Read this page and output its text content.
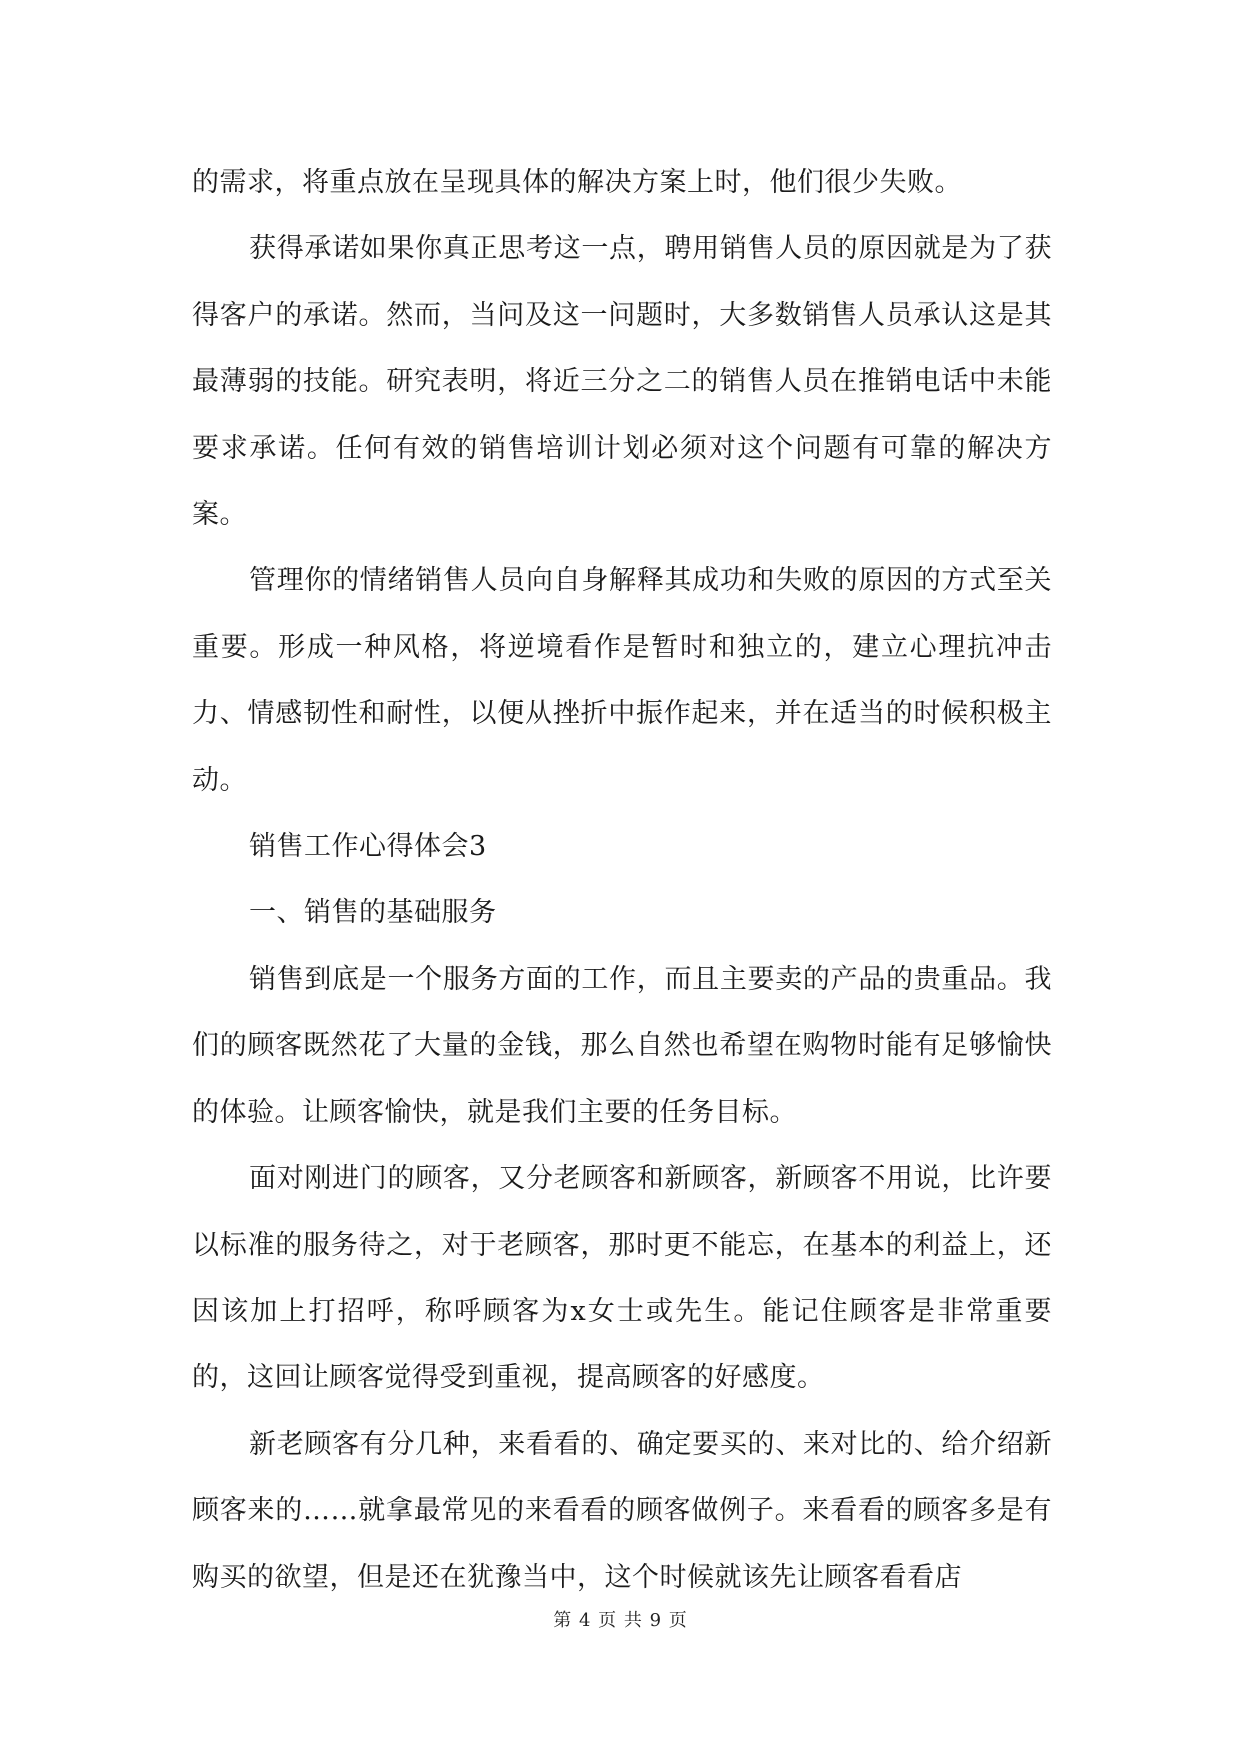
的需求，将重点放在呈现具体的解决方案上时，他们很少失败。

获得承诺如果你真正思考这一点，聘用销售人员的原因就是为了获得客户的承诺。然而，当问及这一问题时，大多数销售人员承认这是其最薄弱的技能。研究表明，将近三分之二的销售人员在推销电话中未能要求承诺。任何有效的销售培训计划必须对这个问题有可靠的解决方案。

管理你的情绪销售人员向自身解释其成功和失败的原因的方式至关重要。形成一种风格，将逆境看作是暂时和独立的，建立心理抗冲击力、情感韧性和耐性，以便从挫折中振作起来，并在适当的时候积极主动。

销售工作心得体会3

一、销售的基础服务

销售到底是一个服务方面的工作，而且主要卖的产品的贵重品。我们的顾客既然花了大量的金钱，那么自然也希望在购物时能有足够愉快的体验。让顾客愉快，就是我们主要的任务目标。

面对刚进门的顾客，又分老顾客和新顾客，新顾客不用说，比许要以标准的服务待之，对于老顾客，那时更不能忘，在基本的利益上，还因该加上打招呼，称呼顾客为x女士或先生。能记住顾客是非常重要的，这回让顾客觉得受到重视，提高顾客的好感度。

新老顾客有分几种，来看看的、确定要买的、来对比的、给介绍新顾客来的……就拿最常见的来看看的顾客做例子。来看看的顾客多是有购买的欲望，但是还在犹豫当中，这个时候就该先让顾客看看店

第 4 页 共 9 页
